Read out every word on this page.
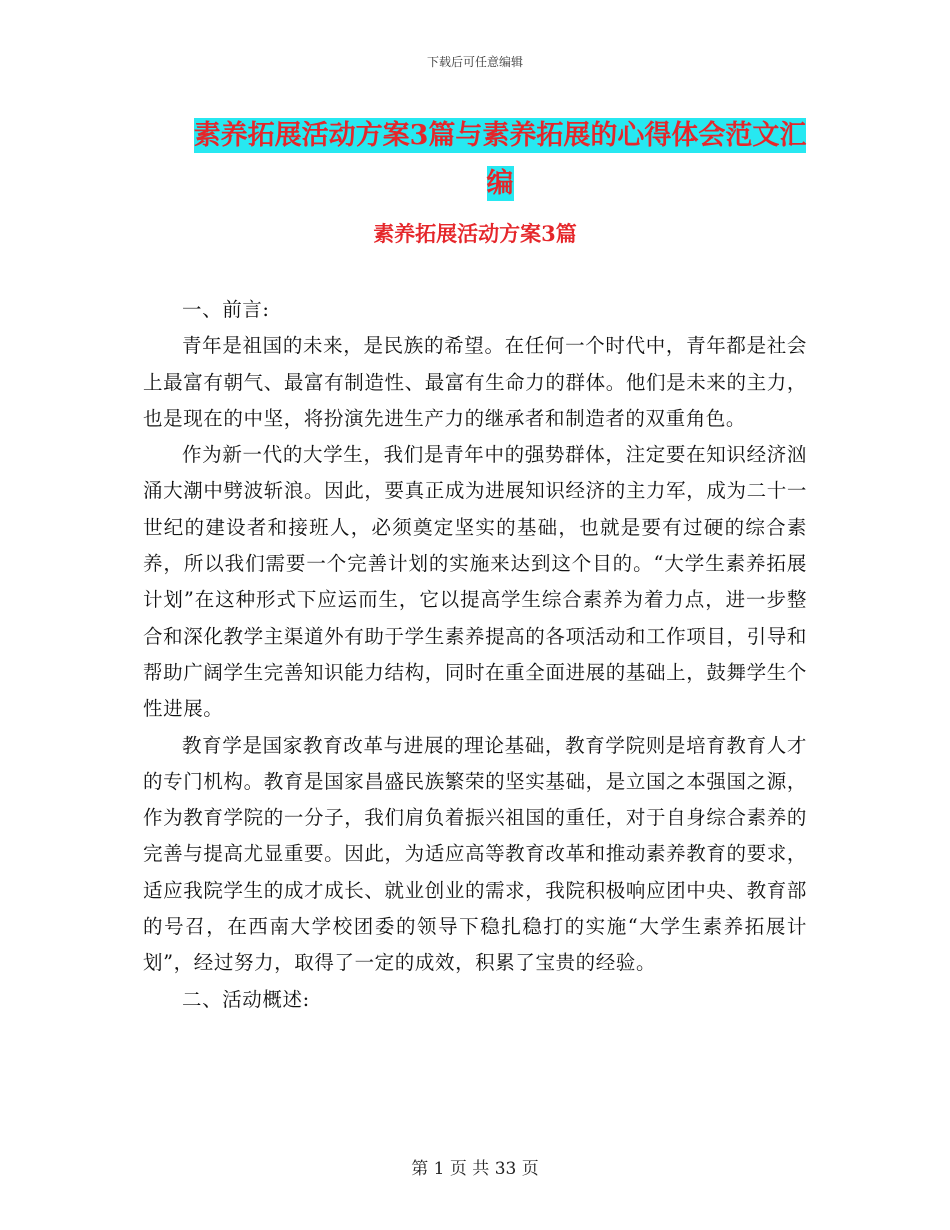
下载后可任意编辑
素养拓展活动方案3篇与素养拓展的心得体会范文汇
编
素养拓展活动方案3篇

一、前言:

青年是祖国的未来，是民族的希望。在任何一个时代中，青年都是社会上最富有朝气、最富有制造性、最富有生命力的群体。他们是未来的主力，也是现在的中坚，将扮演先进生产力的继承者和制造者的双重角色。

作为新一代的大学生，我们是青年中的强势群体，注定要在知识经济汹涌大潮中劈波斩浪。因此，要真正成为进展知识经济的主力军，成为二十一世纪的建设者和接班人，必须奠定坚实的基础，也就是要有过硬的综合素养，所以我们需要一个完善计划的实施来达到这个目的。“大学生素养拓展计划”在这种形式下应运而生，它以提高学生综合素养为着力点，进一步整合和深化教学主渠道外有助于学生素养提高的各项活动和工作项目，引导和帮助广阔学生完善知识能力结构，同时在重全面进展的基础上，鼓舞学生个性进展。

教育学是国家教育改革与进展的理论基础，教育学院则是培育教育人才的专门机构。教育是国家昌盛民族繁荣的坚实基础，是立国之本强国之源，作为教育学院的一分子，我们肩负着振兴祖国的重任，对于自身综合素养的完善与提高尤显重要。因此，为适应高等教育改革和推动素养教育的要求，适应我院学生的成才成长、就业创业的需求，我院积极响应团中央、教育部的号召，在西南大学校团委的领导下稳扎稳打的实施“大学生素养拓展计划”，经过努力，取得了一定的成效，积累了宝贵的经验。

二、活动概述:

第 1 页 共 33 页
